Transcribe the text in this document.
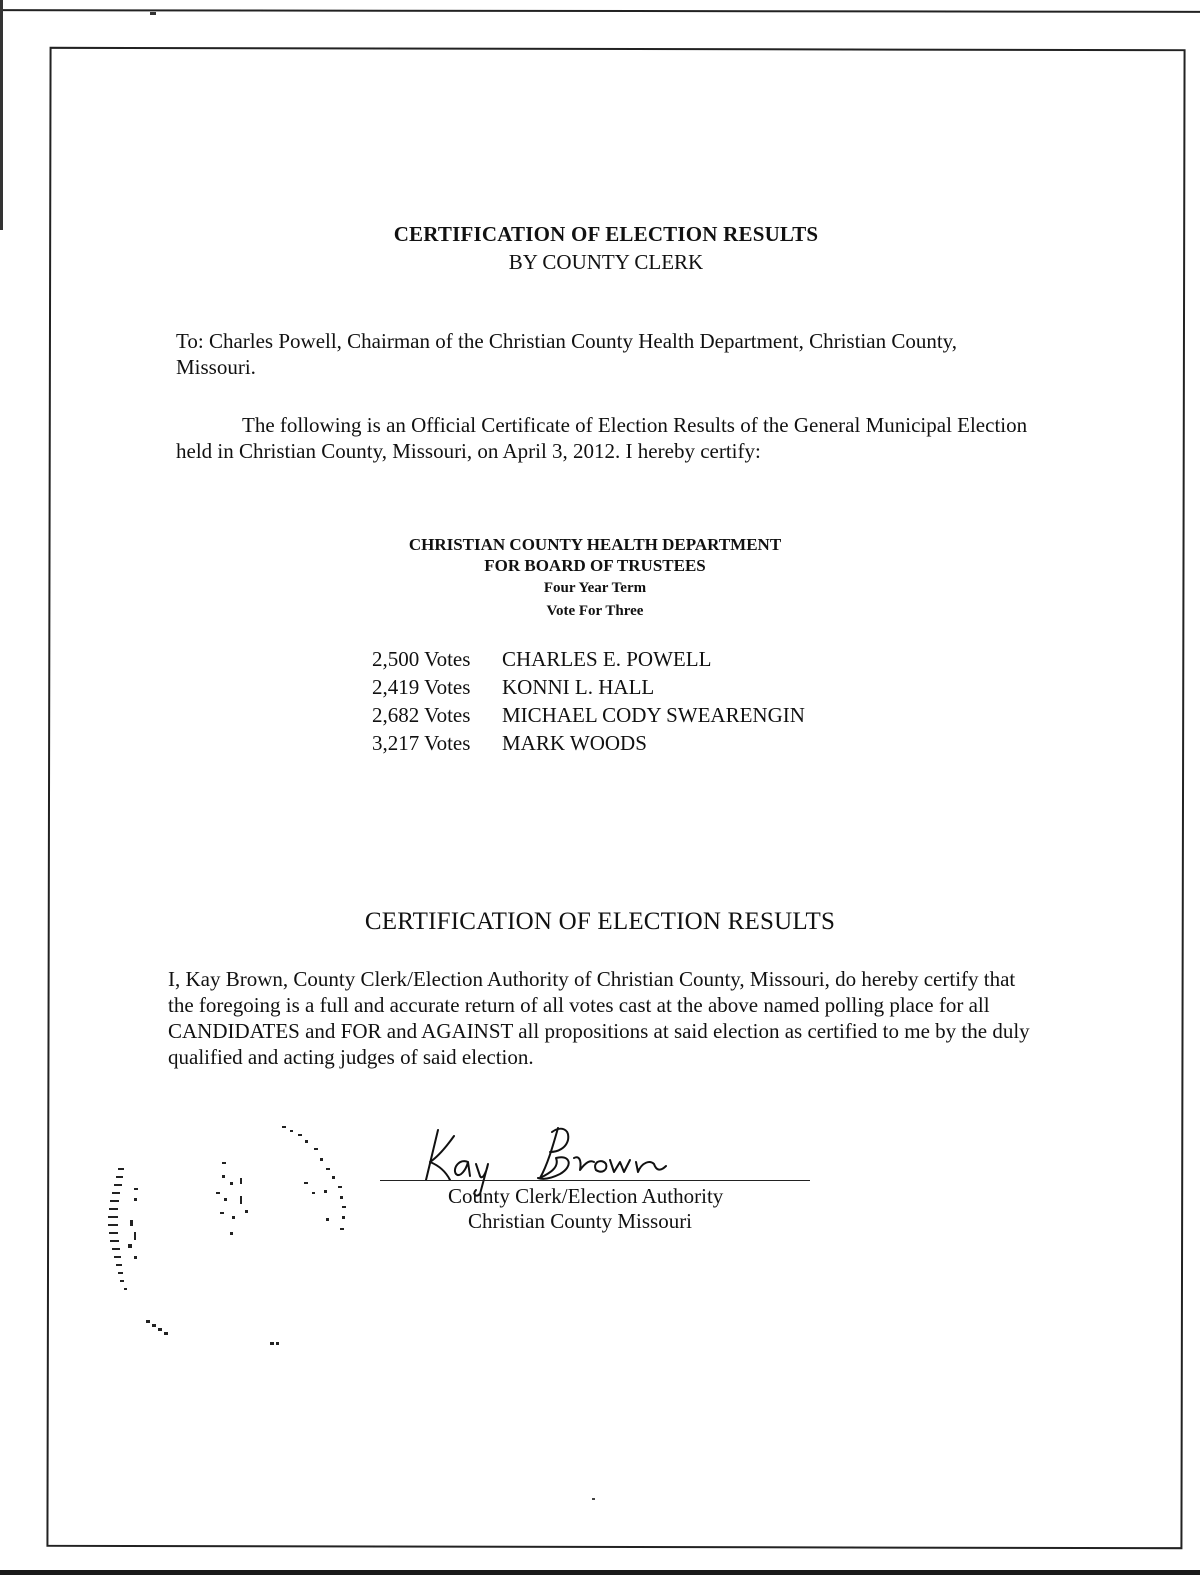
CERTIFICATION OF ELECTION RESULTS
BY COUNTY CLERK
To: Charles Powell, Chairman of the Christian County Health Department, Christian County, Missouri.
The following is an Official Certificate of Election Results of the General Municipal Election held in Christian County, Missouri, on April 3, 2012. I hereby certify:
CHRISTIAN COUNTY HEALTH DEPARTMENT
FOR BOARD OF TRUSTEES
Four Year Term
Vote For Three
2,500 Votes CHARLES E. POWELL
2,419 Votes KONNI L. HALL
2,682 Votes MICHAEL CODY SWEARENGIN
3,217 Votes MARK WOODS
CERTIFICATION OF ELECTION RESULTS
I, Kay Brown, County Clerk/Election Authority of Christian County, Missouri, do hereby certify that the foregoing is a full and accurate return of all votes cast at the above named polling place for all CANDIDATES and FOR and AGAINST all propositions at said election as certified to me by the duly qualified and acting judges of said election.
County Clerk/Election Authority
Christian County Missouri
